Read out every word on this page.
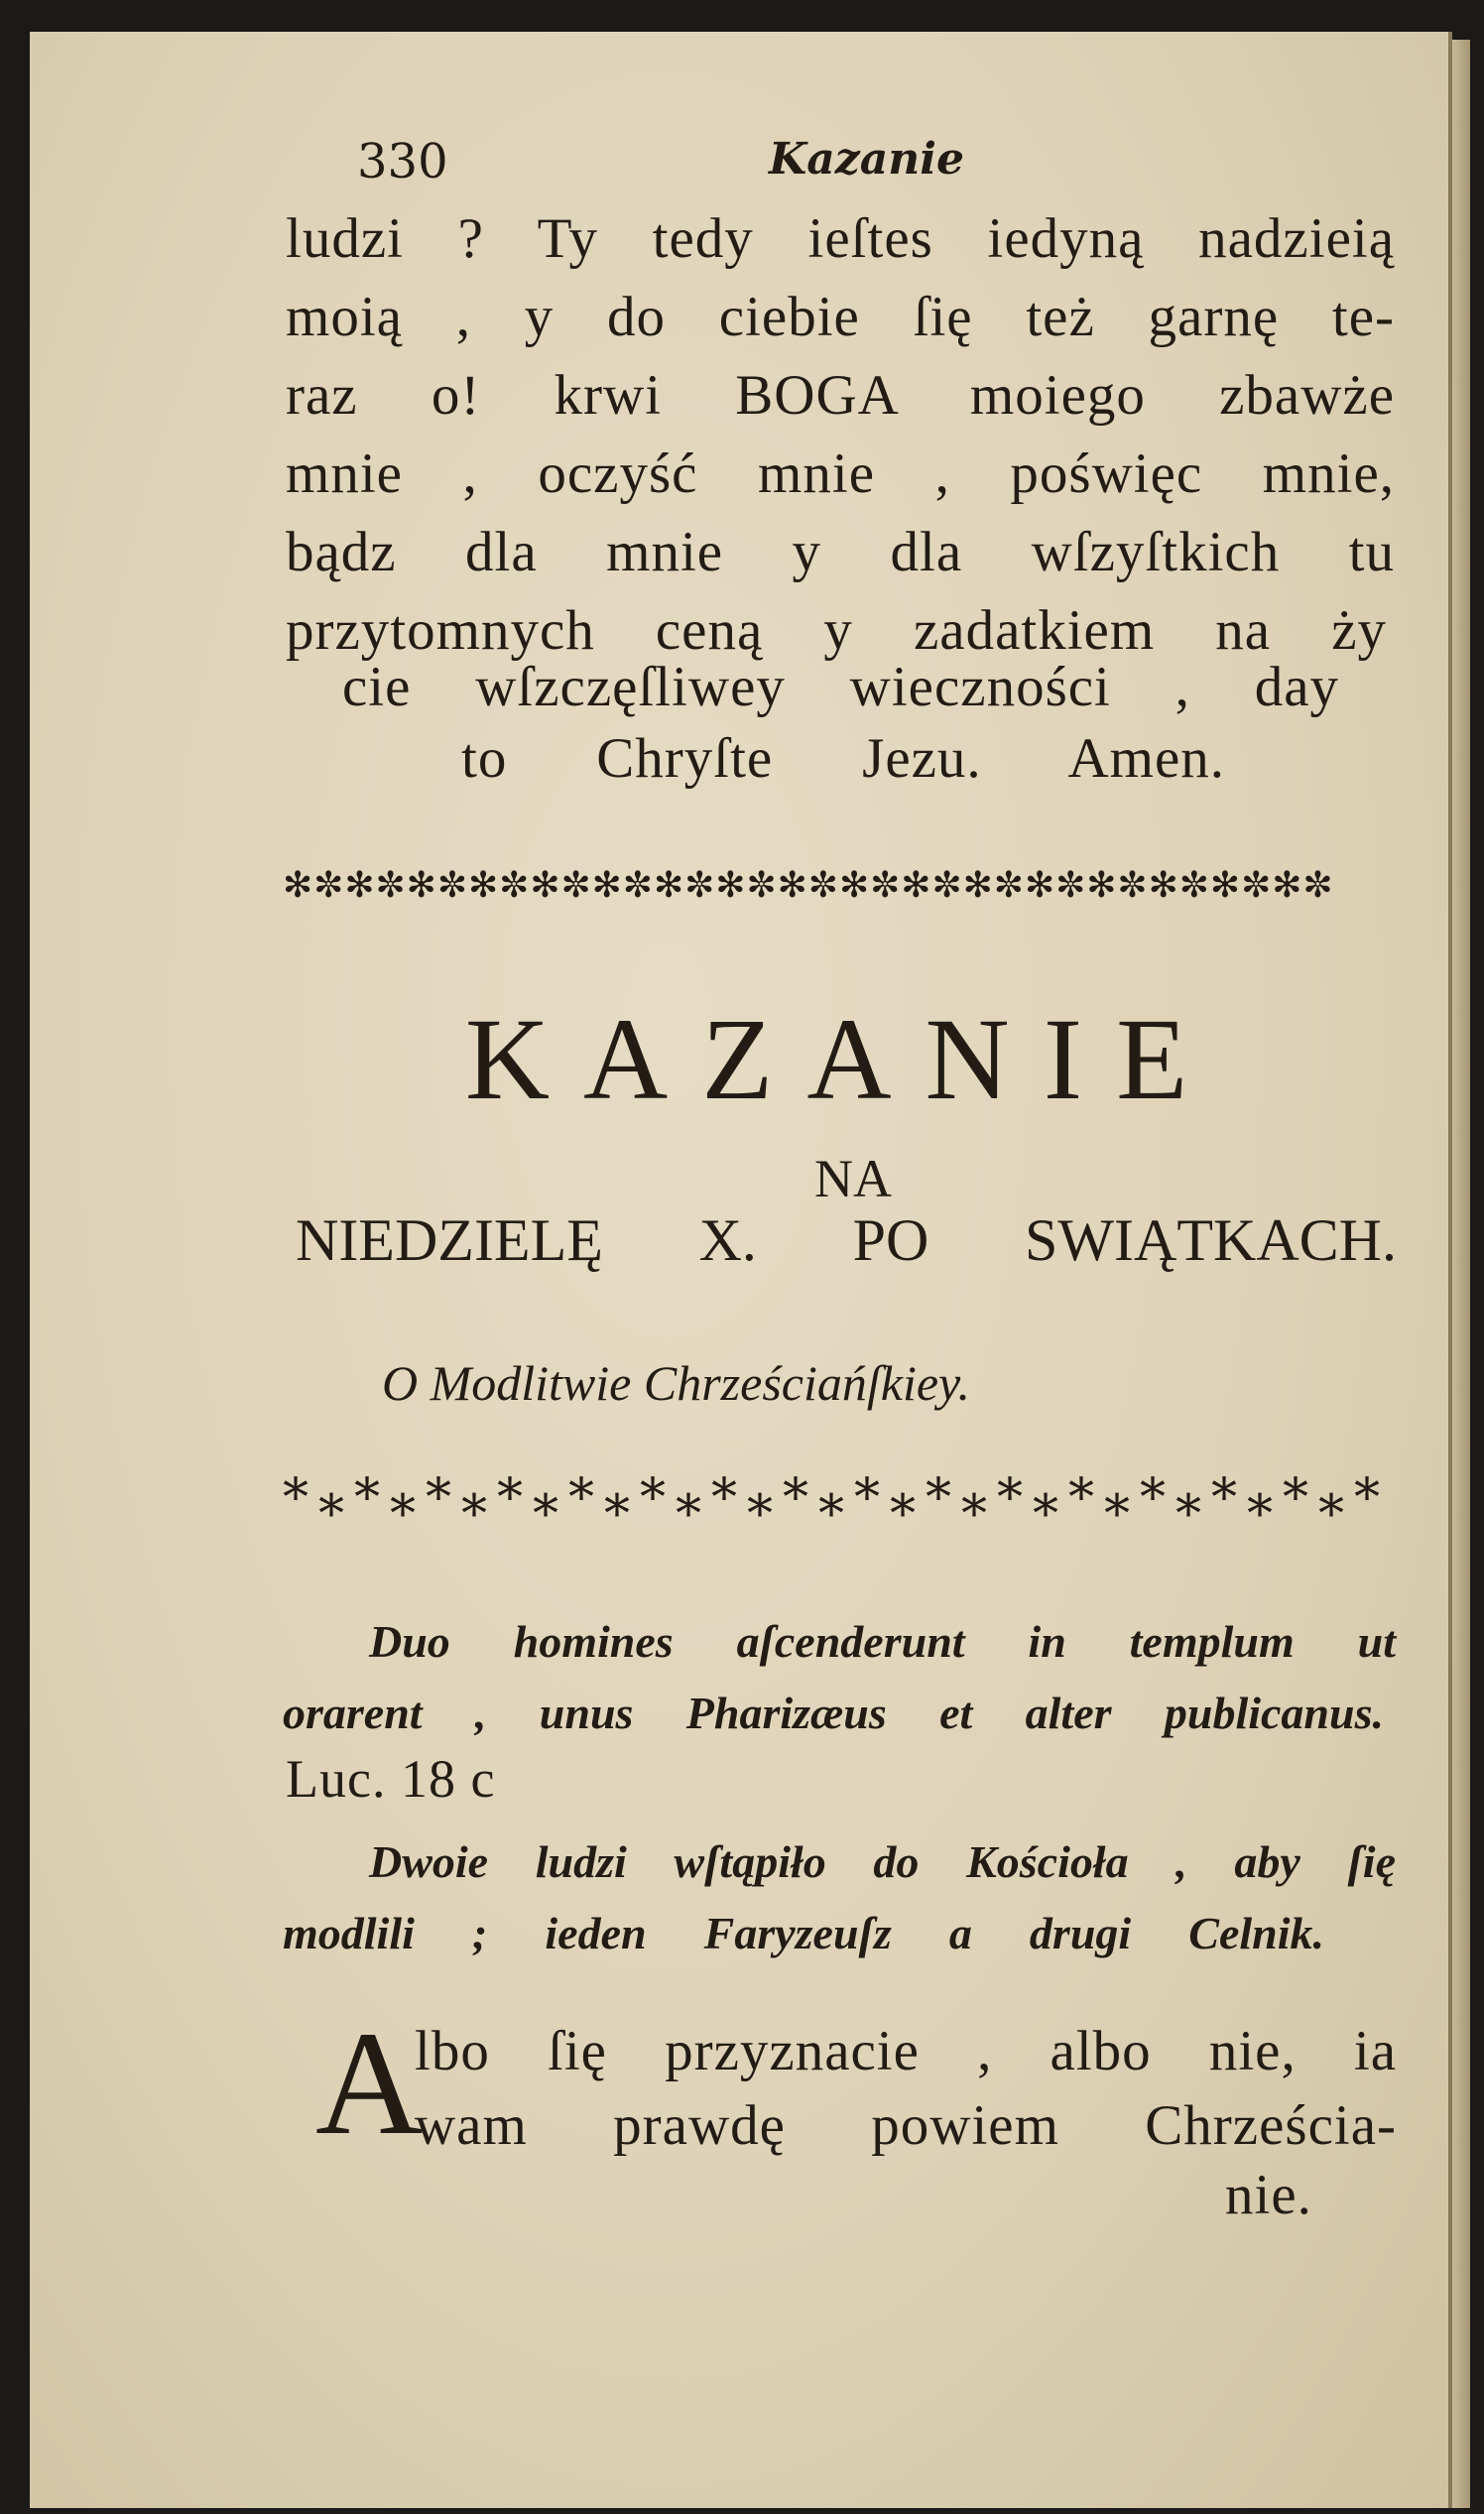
330	Kazanie
ludzi ? Ty tedy ieſtes iedyną nadzieią
moią , y do ciebie ſię też garnę te-
raz o! krwi BOGA moiego zbawże
mnie , oczyść mnie , poświęc mnie,
bądz dla mnie y dla wſzyſtkich tu
przytomnych ceną y zadatkiem na ży
cie wſzczęſliwey wieczności , day
to Chryſte Jezu. Amen.
✻✼✻✼✻✼✻✼✻✼✻✼✻✼✻✼✻✼✻✼✻✼✻✼✻✼✻✼✻✼✻✼✻✼
KAZANIE
NA
NIEDZIELĘ X. PO SWIĄTKACH.
O Modlitwie Chrześciańſkiey.
*⁎*⁎*⁎*⁎*⁎*⁎*⁎*⁎*⁎*⁎*⁎*⁎*⁎*⁎*⁎*
Duo homines aſcenderunt in templum ut
orarent , unus Pharizæus et alter publicanus.
Luc. 18 c
Dwoie ludzi wſtąpiło do Kościoła , aby ſię
modlili ; ieden Faryzeuſz a drugi Celnik.
A
lbo ſię przyznacie , albo nie, ia
wam prawdę powiem Chrześcia-
nie.
